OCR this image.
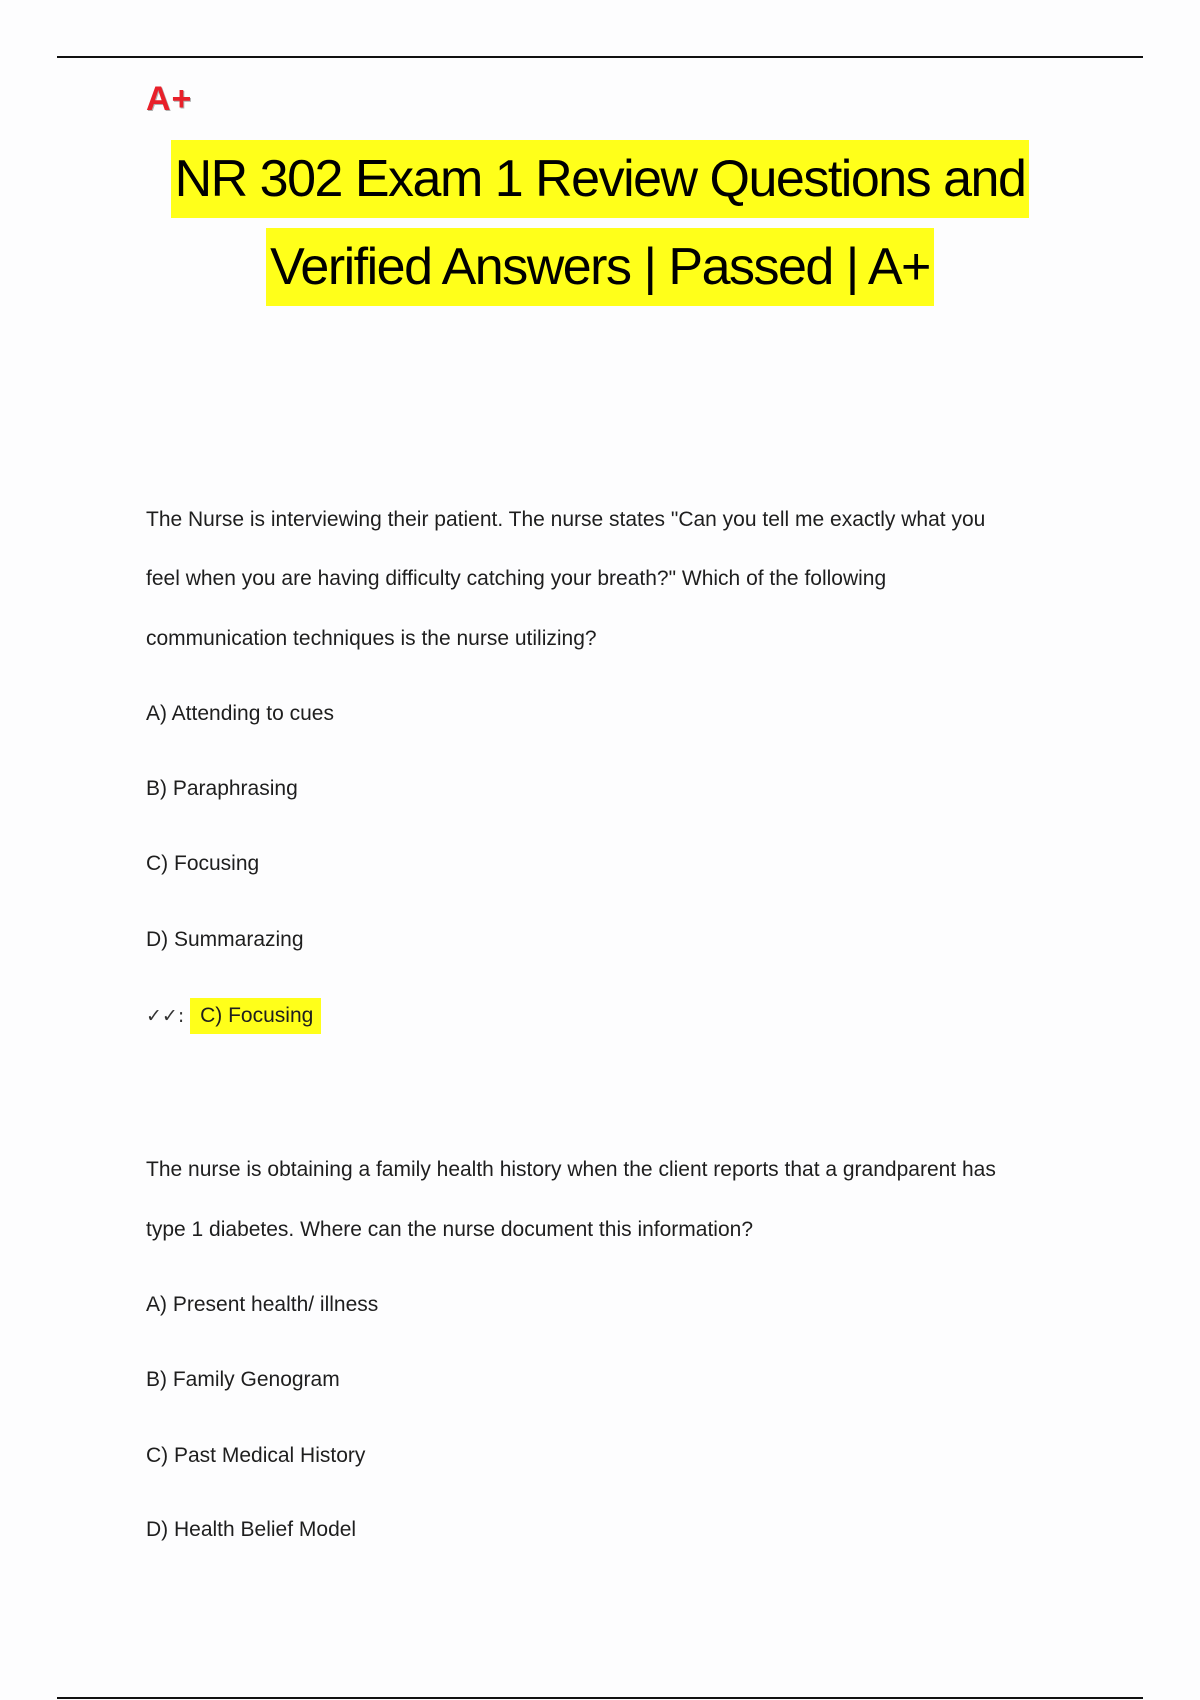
A+
NR 302 Exam 1 Review Questions and
Verified Answers | Passed | A+
The Nurse is interviewing their patient. The nurse states "Can you tell me exactly what you
feel when you are having difficulty catching your breath?" Which of the following
communication techniques is the nurse utilizing?
A) Attending to cues
B) Paraphrasing
C) Focusing
D) Summarazing
✓✓: C) Focusing
The nurse is obtaining a family health history when the client reports that a grandparent has
type 1 diabetes. Where can the nurse document this information?
A) Present health/ illness
B) Family Genogram
C) Past Medical History
D) Health Belief Model
